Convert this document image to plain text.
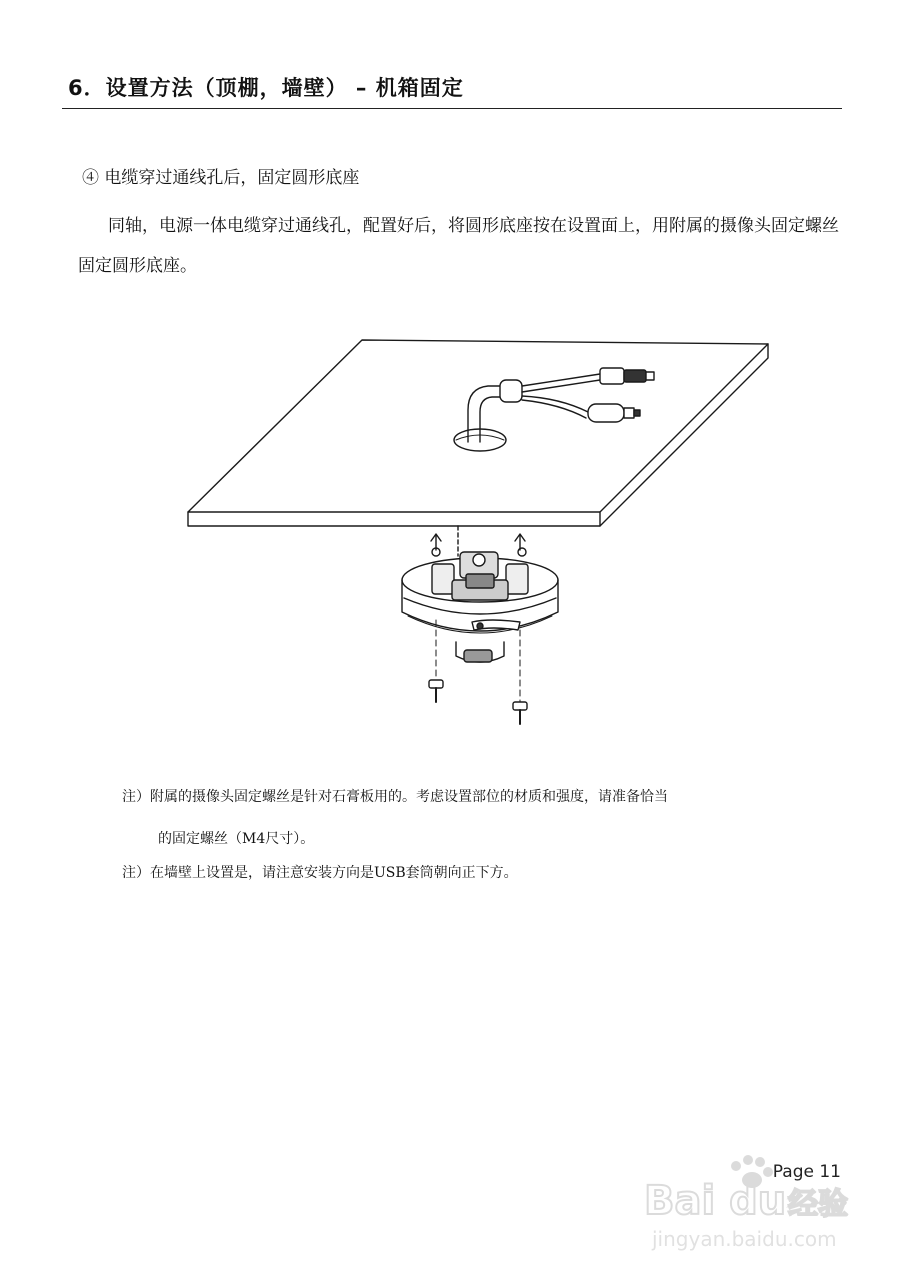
6．设置方法（顶棚，墙壁） – 机箱固定

④ 电缆穿过通线孔后，固定圆形底座

同轴，电源一体电缆穿过通线孔，配置好后，将圆形底座按在设置面上，用附属的摄像头固定螺丝固定圆形底座。

注）附属的摄像头固定螺丝是针对石膏板用的。考虑设置部位的材质和强度，请准备恰当
的固定螺丝（M4尺寸）。

注）在墙壁上设置是，请注意安装方向是USB套筒朝向正下方。

Page 11
Bai du 经验
jingyan.baidu.com
